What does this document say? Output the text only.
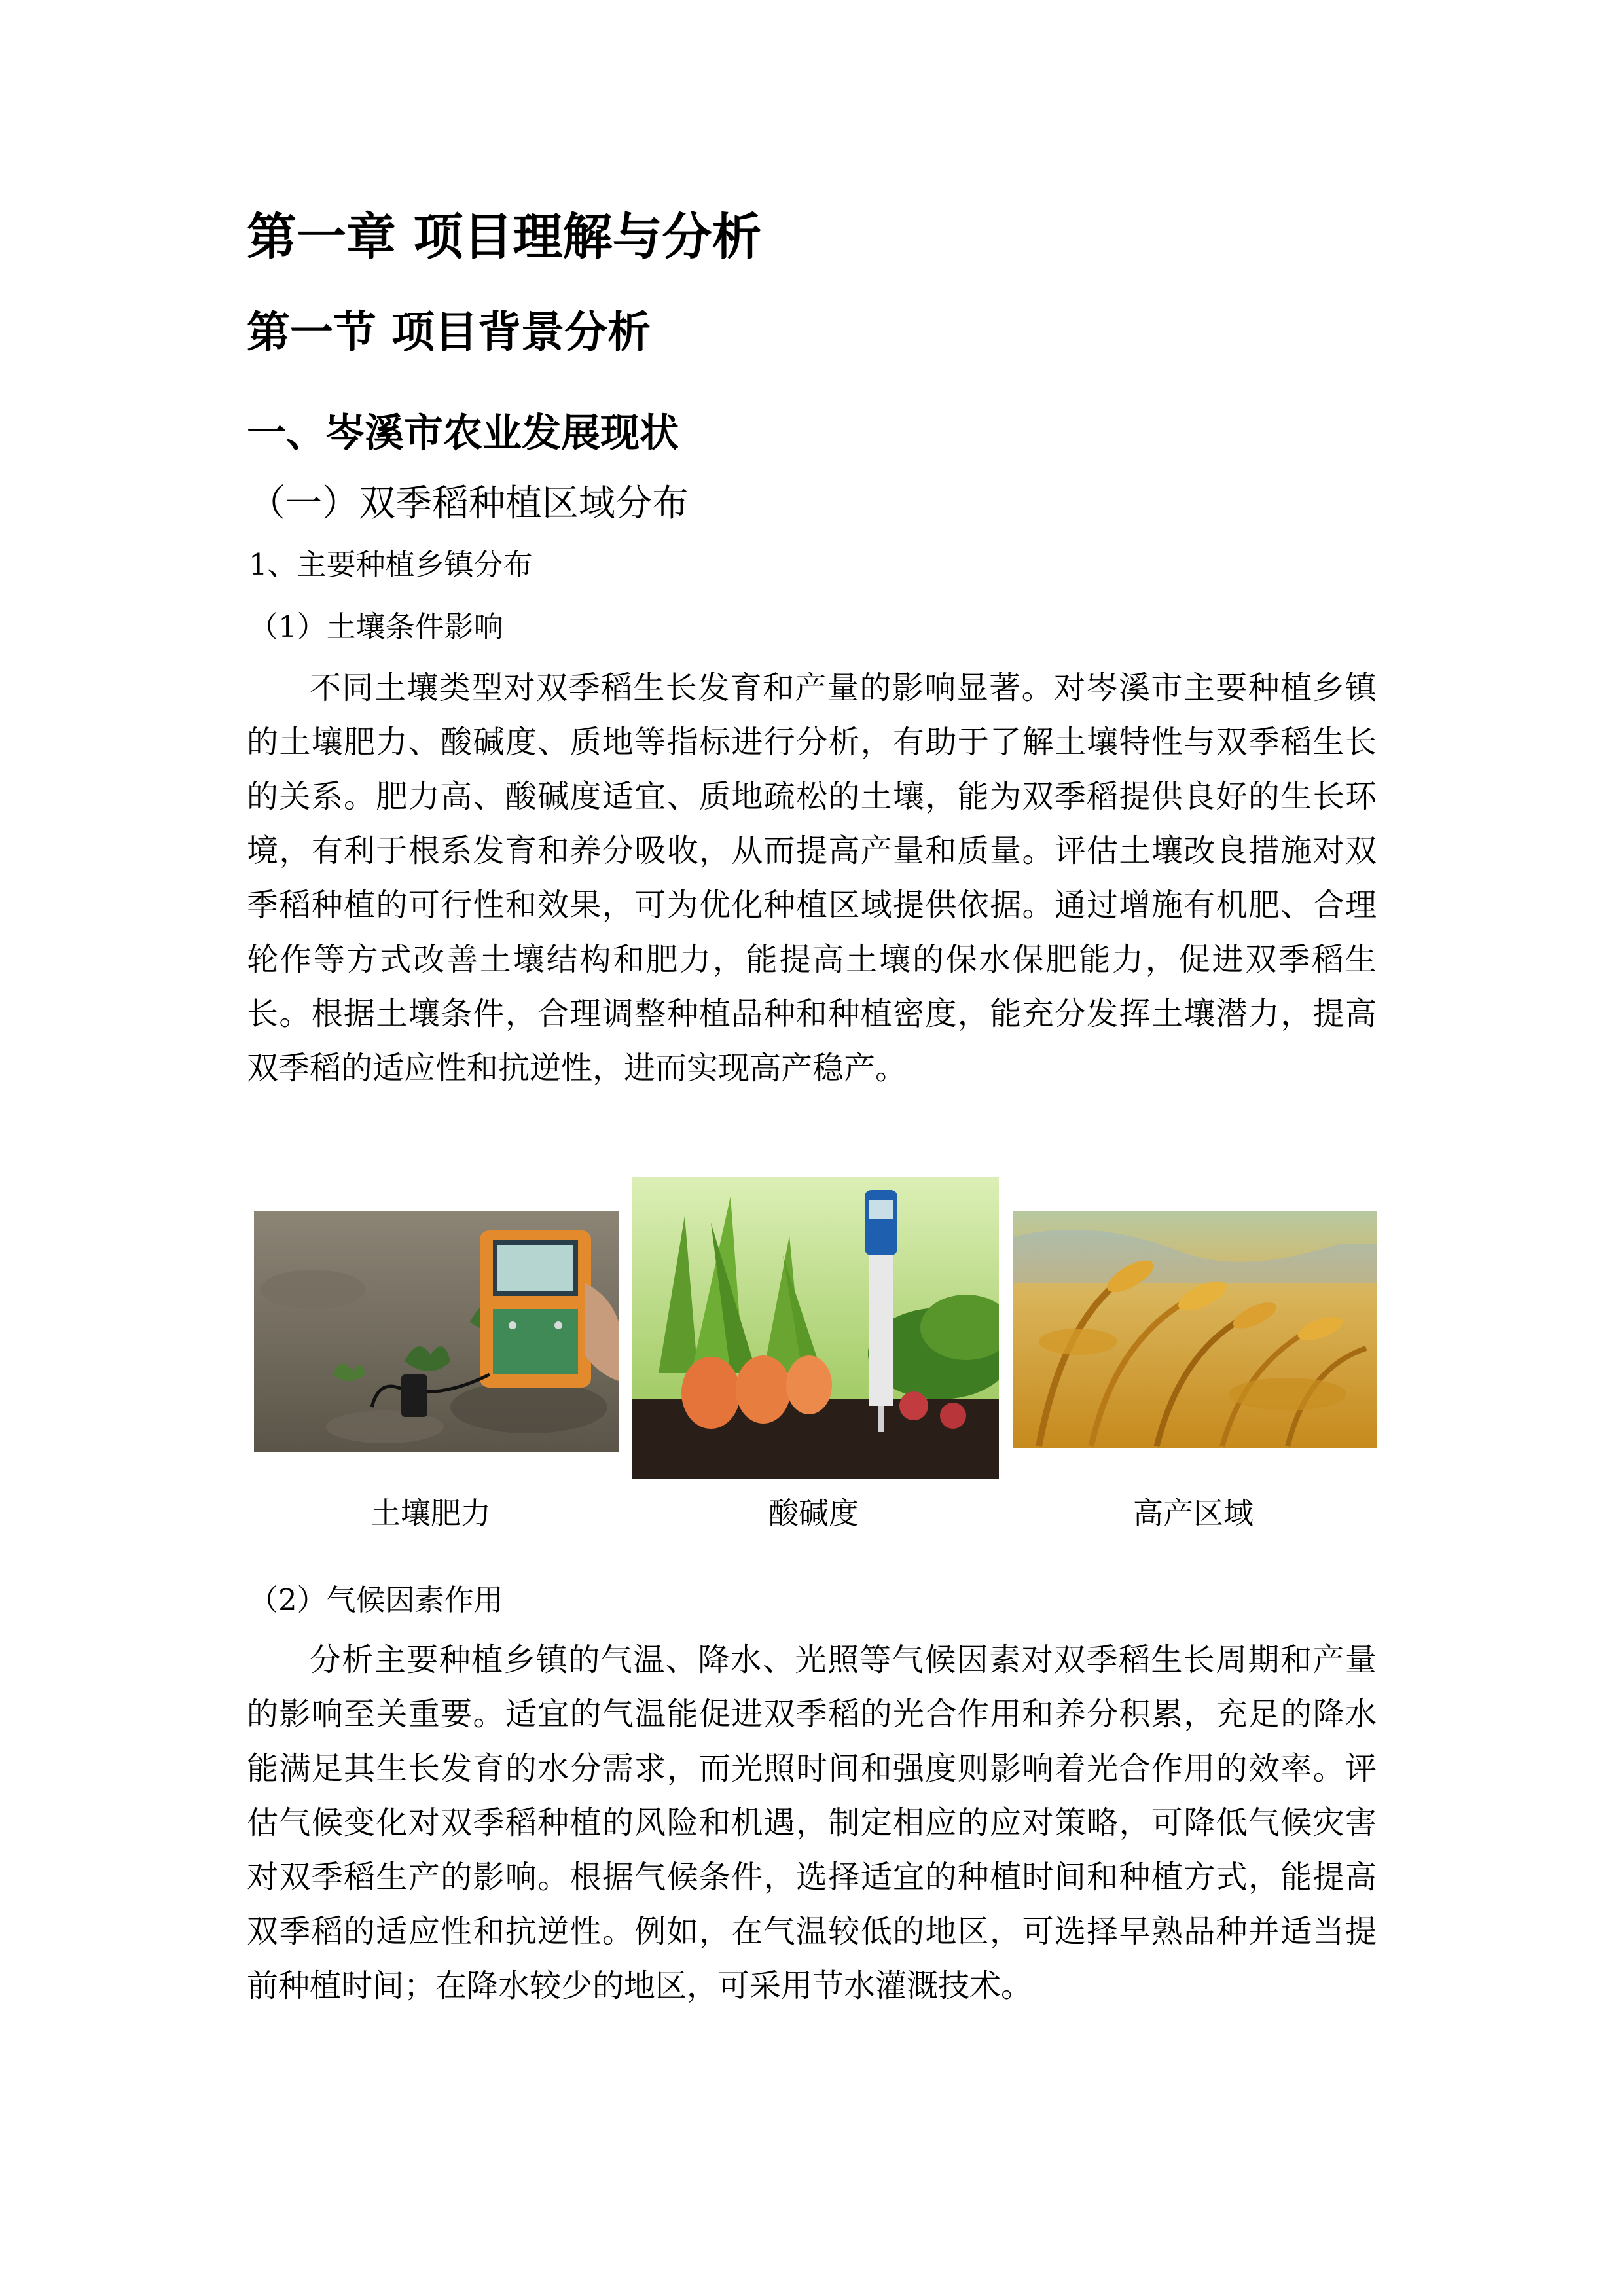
第一章 项目理解与分析
第一节 项目背景分析
一、岑溪市农业发展现状
（一）双季稻种植区域分布
1、主要种植乡镇分布
（1）土壤条件影响

不同土壤类型对双季稻生长发育和产量的影响显著。对岑溪市主要种植乡镇的土壤肥力、酸碱度、质地等指标进行分析，有助于了解土壤特性与双季稻生长的关系。肥力高、酸碱度适宜、质地疏松的土壤，能为双季稻提供良好的生长环境，有利于根系发育和养分吸收，从而提高产量和质量。评估土壤改良措施对双季稻种植的可行性和效果，可为优化种植区域提供依据。通过增施有机肥、合理轮作等方式改善土壤结构和肥力，能提高土壤的保水保肥能力，促进双季稻生长。根据土壤条件，合理调整种植品种和种植密度，能充分发挥土壤潜力，提高双季稻的适应性和抗逆性，进而实现高产稳产。

土壤肥力	酸碱度	高产区域
（2）气候因素作用

分析主要种植乡镇的气温、降水、光照等气候因素对双季稻生长周期和产量的影响至关重要。适宜的气温能促进双季稻的光合作用和养分积累，充足的降水能满足其生长发育的水分需求，而光照时间和强度则影响着光合作用的效率。评估气候变化对双季稻种植的风险和机遇，制定相应的应对策略，可降低气候灾害对双季稻生产的影响。根据气候条件，选择适宜的种植时间和种植方式，能提高双季稻的适应性和抗逆性。例如，在气温较低的地区，可选择早熟品种并适当提前种植时间；在降水较少的地区，可采用节水灌溉技术。
